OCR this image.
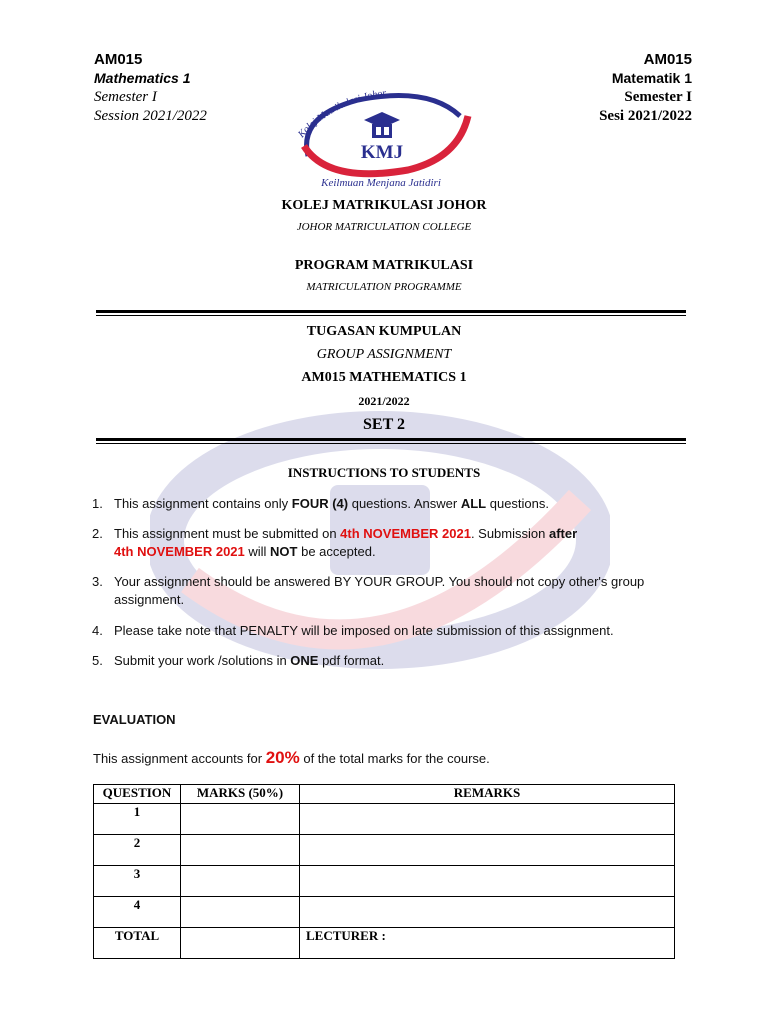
AM015
Mathematics 1
Semester I
Session 2021/2022
AM015
Matematik 1
Semester I
Sesi 2021/2022
Kolej Matrikulasi Johor
KMJ
Keilmuan Menjana Jatidiri
KOLEJ MATRIKULASI JOHOR
JOHOR MATRICULATION COLLEGE
PROGRAM MATRIKULASI
MATRICULATION PROGRAMME
TUGASAN KUMPULAN
GROUP ASSIGNMENT
AM015 MATHEMATICS 1
2021/2022
SET 2
INSTRUCTIONS TO STUDENTS
1. This assignment contains only FOUR (4) questions. Answer ALL questions.
2. This assignment must be submitted on 4th NOVEMBER 2021. Submission after
4th NOVEMBER 2021 will NOT be accepted.
3. Your assignment should be answered BY YOUR GROUP. You should not copy other's group assignment.
4. Please take note that PENALTY will be imposed on late submission of this assignment.
5. Submit your work /solutions in ONE pdf format.
EVALUATION
This assignment accounts for 20% of the total marks for the course.
QUESTION	MARKS (50%)	REMARKS
1		
2		
3		
4		
TOTAL		LECTURER :
